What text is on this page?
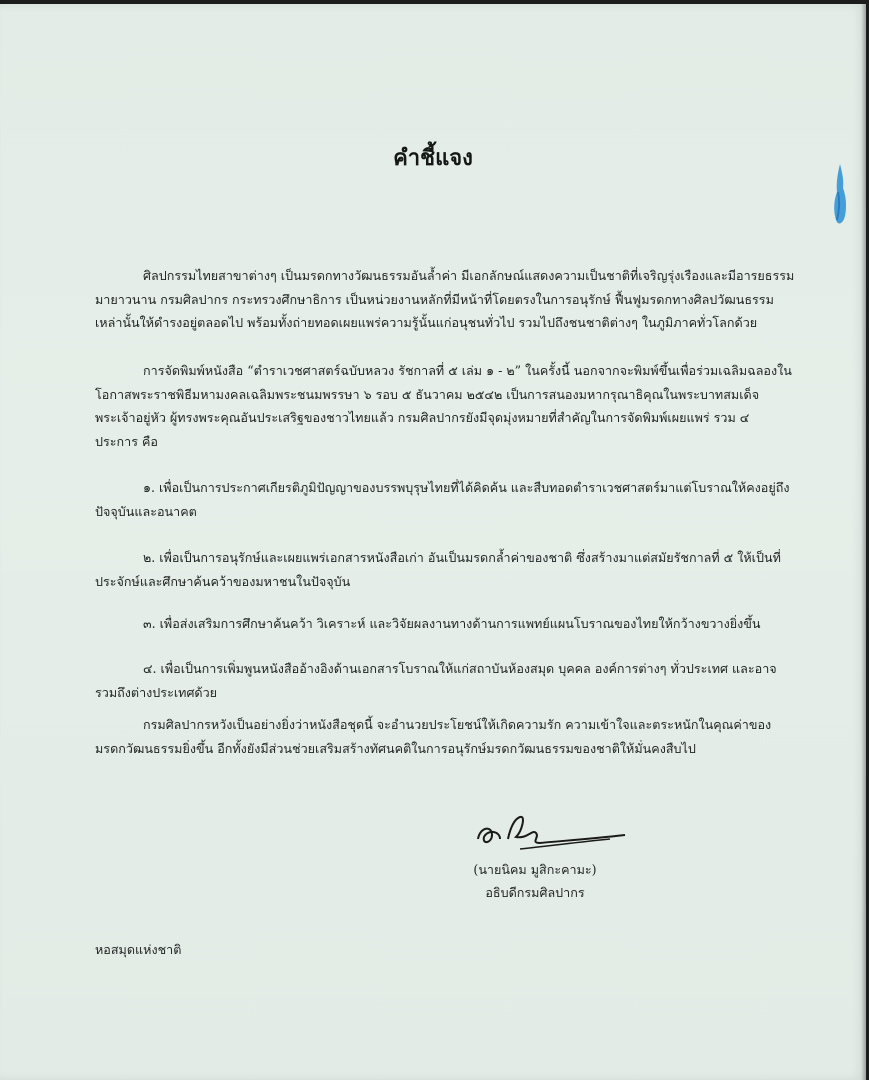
คำชี้แจง

ศิลปกรรมไทยสาขาต่างๆ เป็นมรดกทางวัฒนธรรมอันล้ำค่า มีเอกลักษณ์แสดงความเป็นชาติที่เจริญรุ่งเรืองและมีอารยธรรมมายาวนาน กรมศิลปากร กระทรวงศึกษาธิการ เป็นหน่วยงานหลักที่มีหน้าที่โดยตรงในการอนุรักษ์ ฟื้นฟูมรดกทางศิลปวัฒนธรรมเหล่านั้นให้ดำรงอยู่ตลอดไป พร้อมทั้งถ่ายทอดเผยแพร่ความรู้นั้นแก่อนุชนทั่วไป รวมไปถึงชนชาติต่างๆ ในภูมิภาคทั่วโลกด้วย

การจัดพิมพ์หนังสือ “ตำราเวชศาสตร์ฉบับหลวง รัชกาลที่ ๕ เล่ม ๑ - ๒” ในครั้งนี้ นอกจากจะพิมพ์ขึ้นเพื่อร่วมเฉลิมฉลองในโอกาสพระราชพิธีมหามงคลเฉลิมพระชนมพรรษา ๖ รอบ ๕ ธันวาคม ๒๕๔๒ เป็นการสนองมหากรุณาธิคุณในพระบาทสมเด็จพระเจ้าอยู่หัว ผู้ทรงพระคุณอันประเสริฐของชาวไทยแล้ว กรมศิลปากรยังมีจุดมุ่งหมายที่สำคัญในการจัดพิมพ์เผยแพร่ รวม ๔ ประการ คือ

๑. เพื่อเป็นการประกาศเกียรติภูมิปัญญาของบรรพบุรุษไทยที่ได้คิดค้น และสืบทอดตำราเวชศาสตร์มาแต่โบราณให้คงอยู่ถึงปัจจุบันและอนาคต

๒. เพื่อเป็นการอนุรักษ์และเผยแพร่เอกสารหนังสือเก่า อันเป็นมรดกล้ำค่าของชาติ ซึ่งสร้างมาแต่สมัยรัชกาลที่ ๕ ให้เป็นที่ประจักษ์และศึกษาค้นคว้าของมหาชนในปัจจุบัน

๓. เพื่อส่งเสริมการศึกษาค้นคว้า วิเคราะห์ และวิจัยผลงานทางด้านการแพทย์แผนโบราณของไทยให้กว้างขวางยิ่งขึ้น

๔. เพื่อเป็นการเพิ่มพูนหนังสืออ้างอิงด้านเอกสารโบราณให้แก่สถาบันห้องสมุด บุคคล องค์การต่างๆ ทั่วประเทศ และอาจรวมถึงต่างประเทศด้วย

กรมศิลปากรหวังเป็นอย่างยิ่งว่าหนังสือชุดนี้ จะอำนวยประโยชน์ให้เกิดความรัก ความเข้าใจและตระหนักในคุณค่าของมรดกวัฒนธรรมยิ่งขึ้น อีกทั้งยังมีส่วนช่วยเสริมสร้างทัศนคติในการอนุรักษ์มรดกวัฒนธรรมของชาติให้มั่นคงสืบไป

(นายนิคม มูสิกะคามะ)
อธิบดีกรมศิลปากร
หอสมุดแห่งชาติ
